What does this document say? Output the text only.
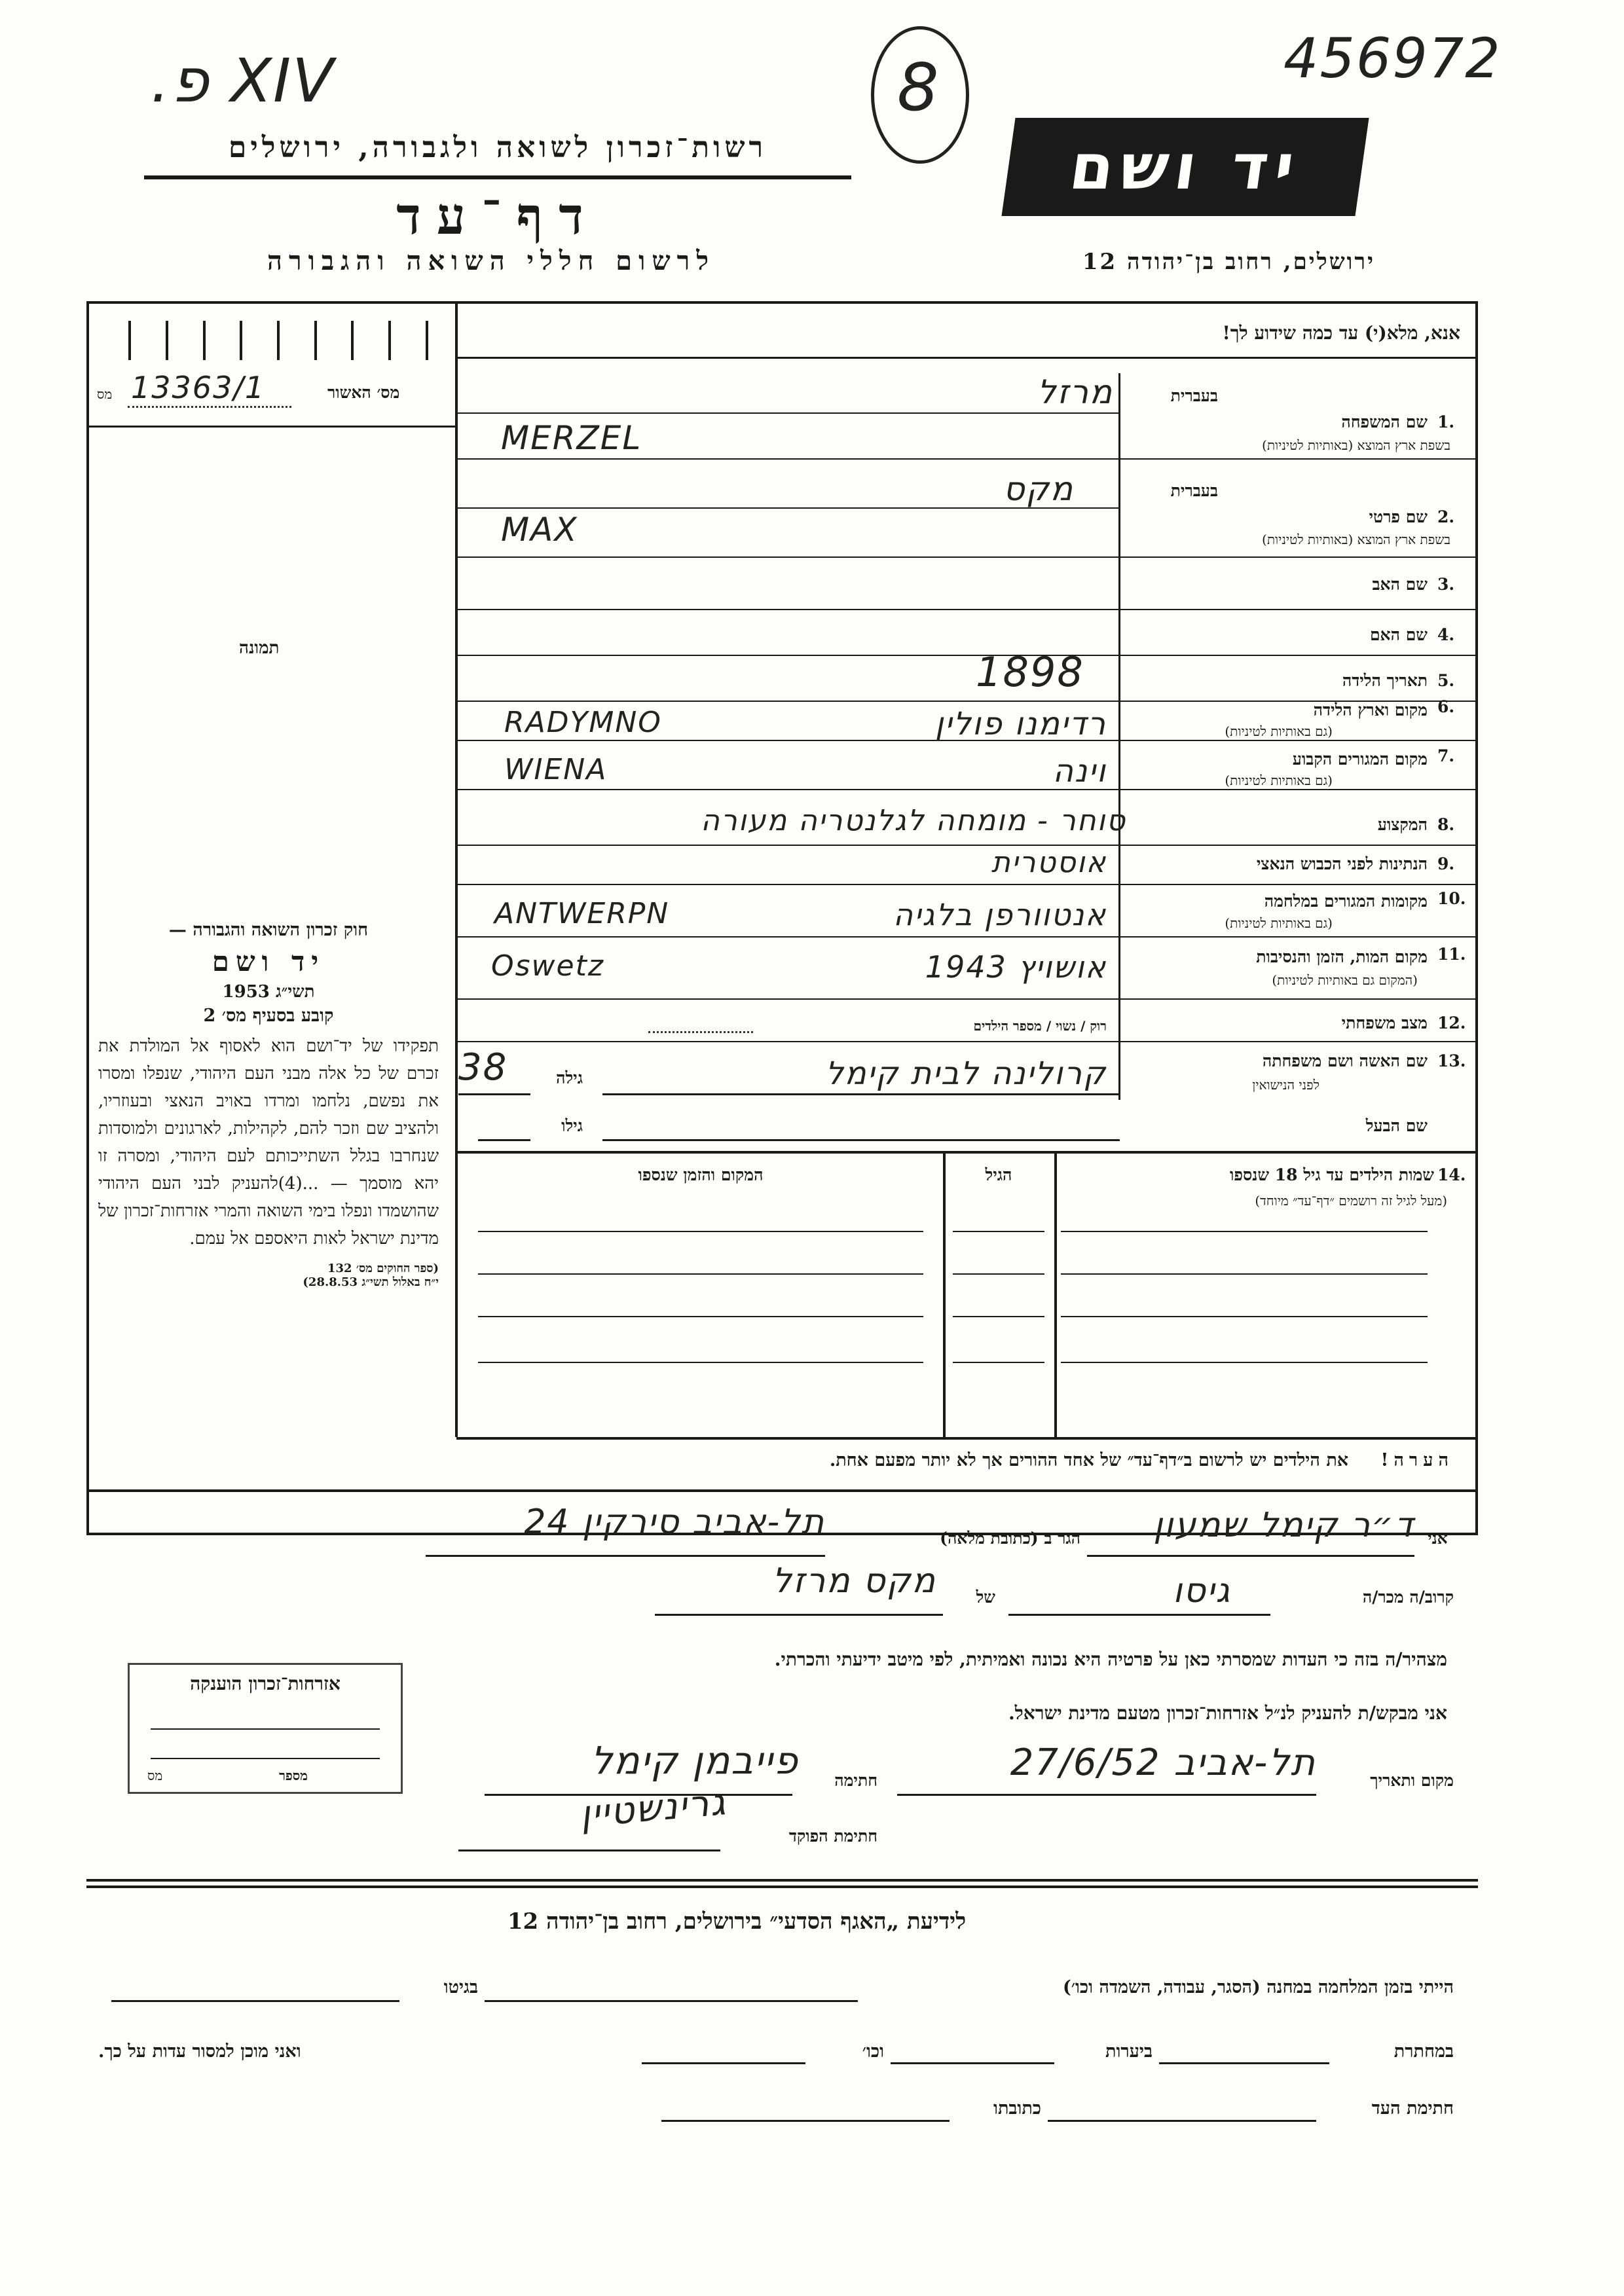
XIV פ.	8	456972
רשות־זכרון לשואה ולגבורה, ירושלים
דף־עד
לרשום חללי השואה והגבורה
יד ושם
ירושלים, רחוב בן־יהודה 12
מס 13363/1	מס׳ האשור
תמונה
חוק זכרון השואה והגבורה —
יד ושם
תשי״ג 1953
קובע בסעיף מס׳ 2
תפקידו של יד־ושם הוא לאסוף אל המולדת את זכרם של כל אלה מבני העם היהודי, שנפלו ומסרו את נפשם, נלחמו ומרדו באויב הנאצי ובעוזריו, ולהציב שם וזכר להם, לקהילות, לארגונים ולמוסדות שנחרבו בגלל השתייכותם לעם היהודי, ומסרה זו יהא מוסמך — ...(4)להעניק לבני העם היהודי שהושמדו ונפלו בימי השואה והמרי אזרחות־זכרון של מדינת ישראל לאות היאספם אל עמם.
(ספר החוקים מס׳ 132
י״ח באלול תשי״ג 28.8.53)
אנא, מלא(י) עד כמה שידוע לך!
בעברית
1.
שם המשפחה
בשפת ארץ המוצא (באותיות לטיניות)
מרזל
MERZEL
בעברית
2.
שם פרטי
בשפת ארץ המוצא (באותיות לטיניות)
מקס
MAX
3.
שם האב
4.
שם האם
5.
תאריך הלידה
1898
6.
מקום וארץ הלידה
(גם באותיות לטיניות)
RADYMNO	רדימנו פולין
7.
מקום המגורים הקבוע
(גם באותיות לטיניות)
WIENA	וינה
8.
המקצוע
סוחר - מומחה לגלנטריה מעורה
9.
הנתינות לפני הכבוש הנאצי
אוסטרית
10.
מקומות המגורים במלחמה
(גם באותיות לטיניות)
ANTWERPN	אנטוורפן בלגיה
11.
מקום המות, הזמן והנסיבות
(המקום גם באותיות לטיניות)
Oswetz	אושויץ 1943
12.
מצב משפחתי
רוק / נשוי / מספר הילדים
13.
שם האשה ושם משפחתה
לפני הנישואין
קרולינה לבית קימל
גילה
38
שם הבעל
גילו
14.
שמות הילדים עד גיל 18 שנספו
(מעל לגיל זה רושמים ״דף־עד״ מיוחד)
הגיל
המקום והזמן שנספו
הערה! את הילדים יש לרשום ב״דף־עד״ של אחד ההורים אך לא יותר מפעם אחת.
אני
ד״ר קימל שמעון
הגר ב (כתובת מלאה)
תל-אביב סירקין 24
קרוב/ה מכר/ה
גיסו
של
מקס מרזל
מצהיר/ה בזה כי העדות שמסרתי כאן על פרטיה היא נכונה ואמיתית, לפי מיטב ידיעתי והכרתי.
אני מבקש/ת להעניק לנ״ל אזרחות־זכרון מטעם מדינת ישראל.
אזרחות־זכרון הוענקה
מס	מספר	מקום ותאריך
תל-אביב 27/6/52
חתימה
פייבמן קימל
חתימת הפוקד
גרינשטיין
לידיעת „האגף הסדעי״ בירושלים, רחוב בן־יהודה 12
הייתי בזמן המלחמה במחנה (הסגר, עבודה, השמדה וכו׳)
בגיטו
במחתרת
ביערות
וכו׳
ואני מוכן למסור עדות על כך.
חתימת העד
כתובתו
